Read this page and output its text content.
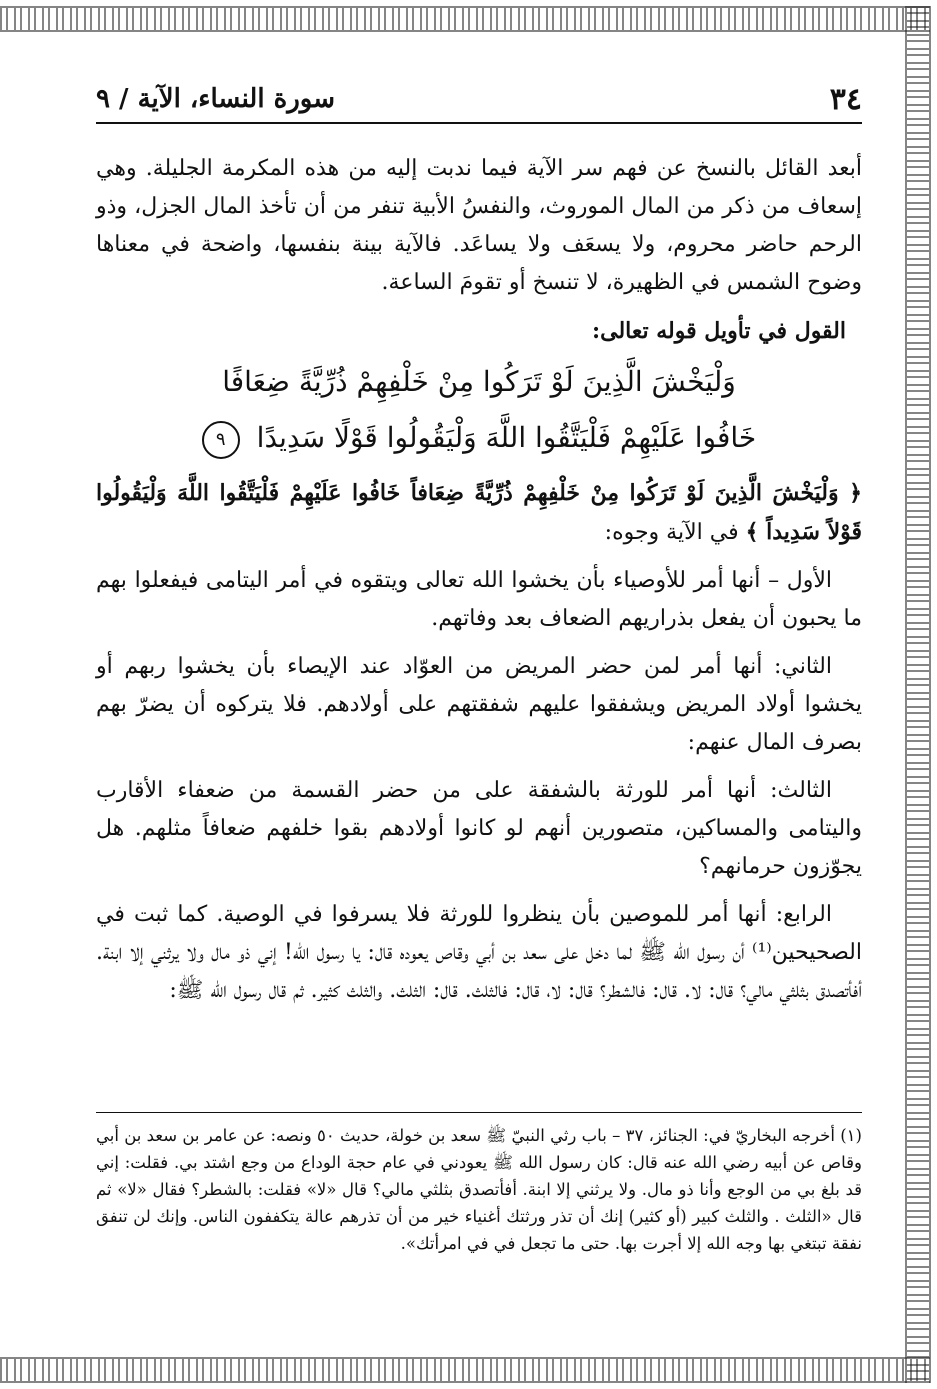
٣٤
سورة النساء، الآية / ٩

أبعد القائل بالنسخ عن فهم سر الآية فيما ندبت إليه من هذه المكرمة الجليلة. وهي إسعاف من ذكر من المال الموروث، والنفسُ الأبية تنفر من أن تأخذ المال الجزل، وذو الرحم حاضر محروم، ولا يسعَف ولا يساعَد. فالآية بينة بنفسها، واضحة في معناها وضوح الشمس في الظهيرة، لا تنسخ أو تقومَ الساعة.

القول في تأويل قوله تعالى:

وَلْيَخْشَ الَّذِينَ لَوْ تَرَكُوا مِنْ خَلْفِهِمْ ذُرِّيَّةً ضِعَافًا
خَافُوا عَلَيْهِمْ فَلْيَتَّقُوا اللَّهَ وَلْيَقُولُوا قَوْلًا سَدِيدًا ٩

﴿ وَلْيَخْشَ الَّذِينَ لَوْ تَرَكُوا مِنْ خَلْفِهِمْ ذُرِّيَّةً ضِعَافاً خَافُوا عَلَيْهِمْ فَلْيَتَّقُوا اللَّهَ وَلْيَقُولُوا قَوْلاً سَدِيداً ﴾ في الآية وجوه:

الأول – أنها أمر للأوصياء بأن يخشوا الله تعالى ويتقوه في أمر اليتامى فيفعلوا بهم ما يحبون أن يفعل بذراريهم الضعاف بعد وفاتهم.

الثاني: أنها أمر لمن حضر المريض من العوّاد عند الإيصاء بأن يخشوا ربهم أو يخشوا أولاد المريض ويشفقوا عليهم شفقتهم على أولادهم. فلا يتركوه أن يضرّ بهم بصرف المال عنهم:

الثالث: أنها أمر للورثة بالشفقة على من حضر القسمة من ضعفاء الأقارب واليتامى والمساكين، متصورين أنهم لو كانوا أولادهم بقوا خلفهم ضعافاً مثلهم. هل يجوّزون حرمانهم؟

الرابع: أنها أمر للموصين بأن ينظروا للورثة فلا يسرفوا في الوصية. كما ثبت في الصحيحين⁽¹⁾ أن رسول الله ﷺ لما دخل على سعد بن أبي وقاص يعوده قال: يا رسول الله! إني ذو مال ولا يرثني إلا ابنة. أفأتصدق بثلثي مالي؟ قال: لا. قال: فالشطر؟ قال: لا، قال: فالثلث. قال: الثلث. والثلث كثير. ثم قال رسول الله ﷺ:

(١) أخرجه البخاريّ في: الجنائز، ٣٧ – باب رثي النبيّ ﷺ سعد بن خولة، حديث ٥٠ ونصه: عن عامر بن سعد بن أبي وقاص عن أبيه رضي الله عنه قال: كان رسول الله ﷺ يعودني في عام حجة الوداع من وجع اشتد بي. فقلت: إني قد بلغ بي من الوجع وأنا ذو مال. ولا يرثني إلا ابنة. أفأتصدق بثلثي مالي؟ قال «لا» فقلت: بالشطر؟ فقال «لا» ثم قال «الثلث . والثلث كبير (أو كثير) إنك أن تذر ورثتك أغنياء خير من أن تذرهم عالة يتكففون الناس. وإنك لن تنفق نفقة تبتغي بها وجه الله إلا أجرت بها. حتى ما تجعل في في امرأتك».
